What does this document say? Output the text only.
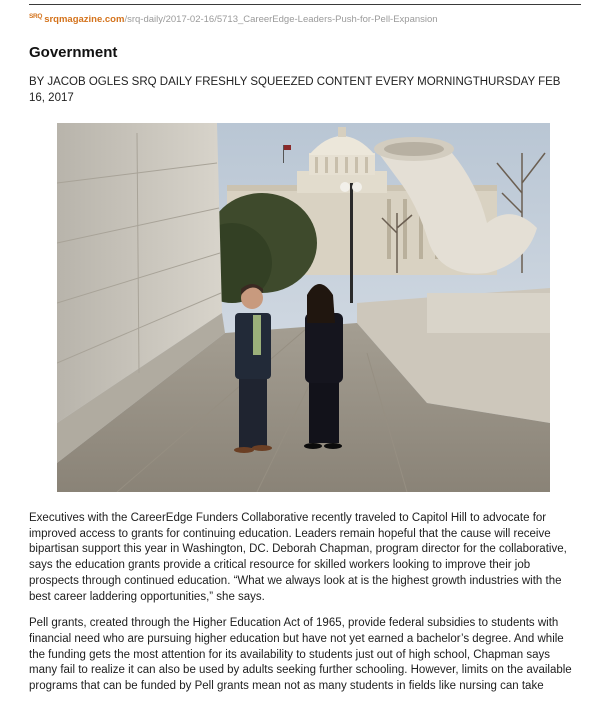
SRQ srqmagazine.com /srq-daily/2017-02-16/5713_CareerEdge-Leaders-Push-for-Pell-Expansion
Government
BY JACOB OGLES SRQ DAILY FRESHLY SQUEEZED CONTENT EVERY MORNINGTHURSDAY FEB 16, 2017

Executives with the CareerEdge Funders Collaborative recently traveled to Capitol Hill to advocate for improved access to grants for continuing education. Leaders remain hopeful that the cause will receive bipartisan support this year in Washington, DC. Deborah Chapman, program director for the collaborative, says the education grants provide a critical resource for skilled workers looking to improve their job prospects through continued education. “What we always look at is the highest growth industries with the best career laddering opportunities,” she says.

Pell grants, created through the Higher Education Act of 1965, provide federal subsidies to students with financial need who are pursuing higher education but have not yet earned a bachelor’s degree. And while the funding gets the most attention for its availability to students just out of high school, Chapman says many fail to realize it can also be used by adults seeking further schooling. However, limits on the available programs that can be funded by Pell grants mean not as many students in fields like nursing can take
